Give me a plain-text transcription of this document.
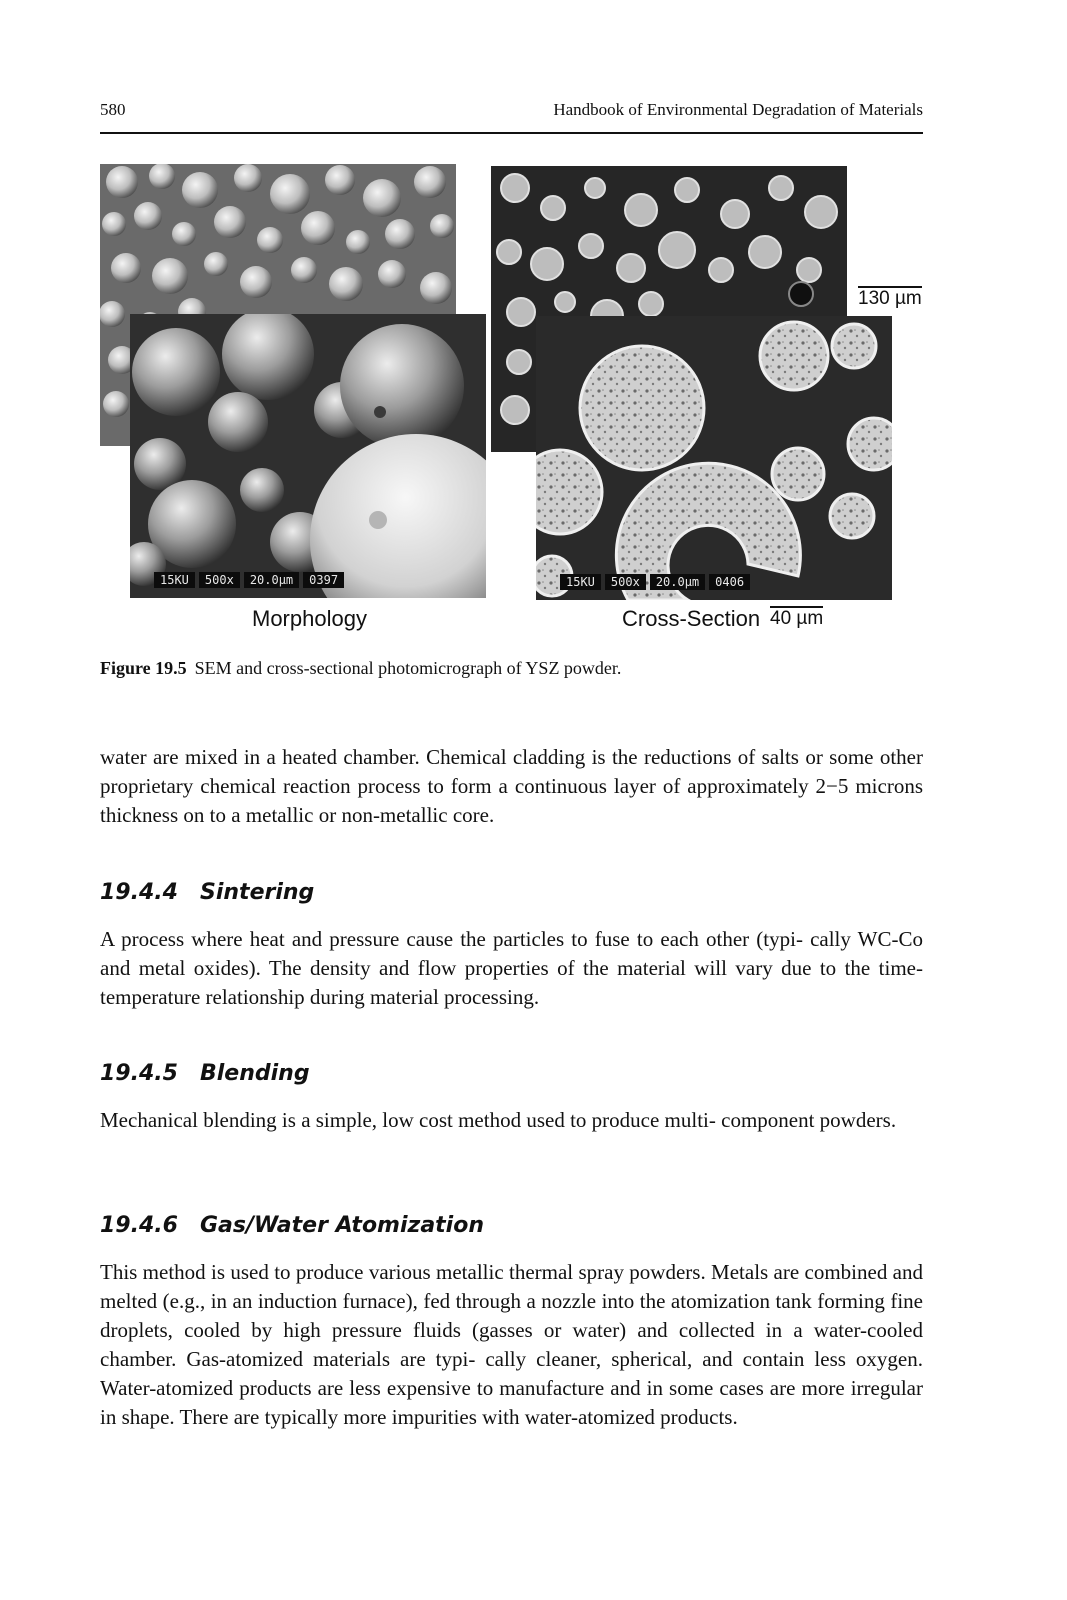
580	Handbook of Environmental Degradation of Materials
15KU	500x	20.0µm	0397
130 µm
15KU	500x	20.0µm	0406
Morphology	Cross-Section 40 µm
Figure 19.5 SEM and cross-sectional photomicrograph of YSZ powder.

water are mixed in a heated chamber. Chemical cladding is the reductions of salts or some other proprietary chemical reaction process to form a continuous layer of approximately 2−5 microns thickness on to a metallic or non-metallic core.

19.4.4 Sintering

A process where heat and pressure cause the particles to fuse to each other (typi- cally WC-Co and metal oxides). The density and flow properties of the material will vary due to the time-temperature relationship during material processing.

19.4.5 Blending

Mechanical blending is a simple, low cost method used to produce multi- component powders.

19.4.6 Gas/Water Atomization

This method is used to produce various metallic thermal spray powders. Metals are combined and melted (e.g., in an induction furnace), fed through a nozzle into the atomization tank forming fine droplets, cooled by high pressure fluids (gasses or water) and collected in a water-cooled chamber. Gas-atomized materials are typi- cally cleaner, spherical, and contain less oxygen. Water-atomized products are less expensive to manufacture and in some cases are more irregular in shape. There are typically more impurities with water-atomized products.
